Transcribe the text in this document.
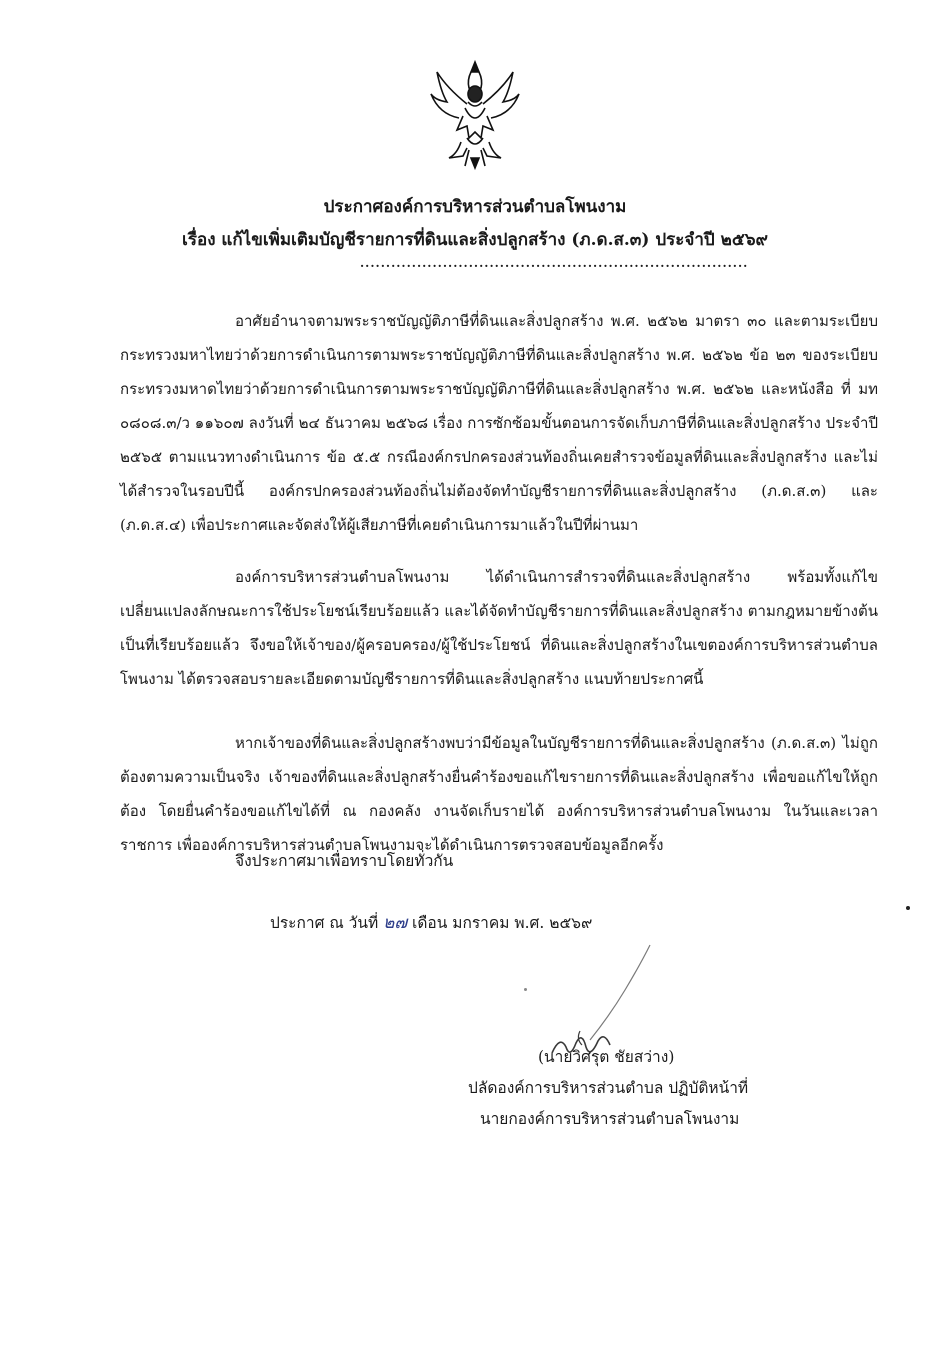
ประกาศองค์การบริหารส่วนตำบลโพนงาม
เรื่อง แก้ไขเพิ่มเติมบัญชีรายการที่ดินและสิ่งปลูกสร้าง (ภ.ด.ส.๓) ประจำปี ๒๕๖๙
...........................................................................
อาศัยอำนาจตามพระราชบัญญัติภาษีที่ดินและสิ่งปลูกสร้าง พ.ศ. ๒๕๖๒ มาตรา ๓๐ และตามระเบียบกระทรวงมหาไทยว่าด้วยการดำเนินการตามพระราชบัญญัติภาษีที่ดินและสิ่งปลูกสร้าง พ.ศ. ๒๕๖๒ ข้อ ๒๓ ของระเบียบกระทรวงมหาดไทยว่าด้วยการดำเนินการตามพระราชบัญญัติภาษีที่ดินและสิ่งปลูกสร้าง พ.ศ. ๒๕๖๒ และหนังสือ ที่ มท ๐๘๐๘.๓/ว ๑๑๖๐๗ ลงวันที่ ๒๔ ธันวาคม ๒๕๖๘ เรื่อง การซักซ้อมขั้นตอนการจัดเก็บภาษีที่ดินและสิ่งปลูกสร้าง ประจำปี ๒๕๖๕ ตามแนวทางดำเนินการ ข้อ ๕.๕ กรณีองค์กรปกครองส่วนท้องถิ่นเคยสำรวจข้อมูลที่ดินและสิ่งปลูกสร้าง และไม่ได้สำรวจในรอบปีนี้ องค์กรปกครองส่วนท้องถิ่นไม่ต้องจัดทำบัญชีรายการที่ดินและสิ่งปลูกสร้าง (ภ.ด.ส.๓) และ (ภ.ด.ส.๔) เพื่อประกาศและจัดส่งให้ผู้เสียภาษีที่เคยดำเนินการมาแล้วในปีที่ผ่านมา
องค์การบริหารส่วนตำบลโพนงาม ได้ดำเนินการสำรวจที่ดินและสิ่งปลูกสร้าง พร้อมทั้งแก้ไขเปลี่ยนแปลงลักษณะการใช้ประโยชน์เรียบร้อยแล้ว และได้จัดทำบัญชีรายการที่ดินและสิ่งปลูกสร้าง ตามกฎหมายข้างต้นเป็นที่เรียบร้อยแล้ว จึงขอให้เจ้าของ/ผู้ครอบครอง/ผู้ใช้ประโยชน์ ที่ดินและสิ่งปลูกสร้างในเขตองค์การบริหารส่วนตำบลโพนงาม ได้ตรวจสอบรายละเอียดตามบัญชีรายการที่ดินและสิ่งปลูกสร้าง แนบท้ายประกาศนี้
หากเจ้าของที่ดินและสิ่งปลูกสร้างพบว่ามีข้อมูลในบัญชีรายการที่ดินและสิ่งปลูกสร้าง (ภ.ด.ส.๓) ไม่ถูกต้องตามความเป็นจริง เจ้าของที่ดินและสิ่งปลูกสร้างยื่นคำร้องขอแก้ไขรายการที่ดินและสิ่งปลูกสร้าง เพื่อขอแก้ไขให้ถูกต้อง โดยยื่นคำร้องขอแก้ไขได้ที่ ณ กองคลัง งานจัดเก็บรายได้ องค์การบริหารส่วนตำบลโพนงาม ในวันและเวลาราชการ เพื่อองค์การบริหารส่วนตำบลโพนงามจะได้ดำเนินการตรวจสอบข้อมูลอีกครั้ง
จึงประกาศมาเพื่อทราบโดยทั่วกัน
ประกาศ ณ วันที่ ๒๗ เดือน มกราคม พ.ศ. ๒๕๖๙
(นายวิศรุต ชัยสว่าง)
ปลัดองค์การบริหารส่วนตำบล ปฏิบัติหน้าที่
นายกองค์การบริหารส่วนตำบลโพนงาม
